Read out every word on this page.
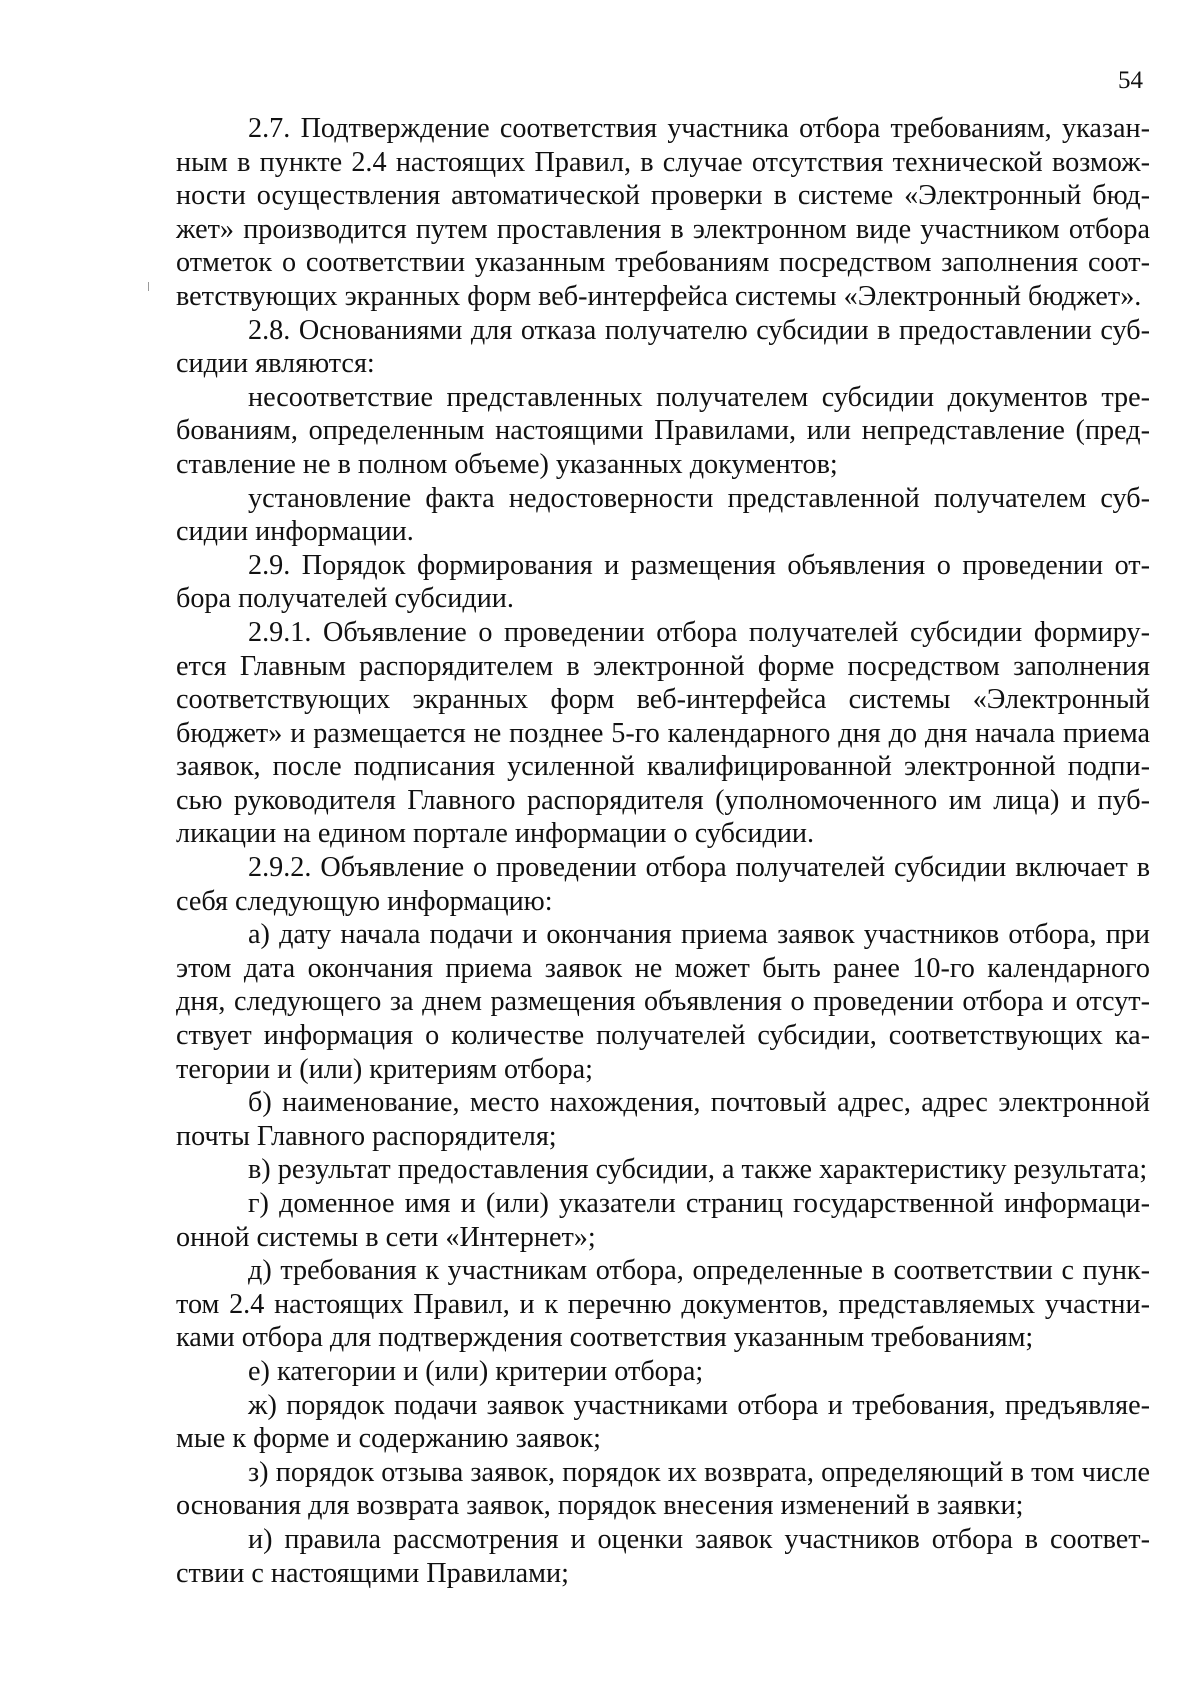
54

2.7. Подтверждение соответствия участника отбора требованиям, указанным в пункте 2.4 настоящих Правил, в случае отсутствия технической возможности осуществления автоматической проверки в системе «Электронный бюджет» производится путем проставления в электронном виде участником отбора отметок о соответствии указанным требованиям посредством заполнения соответствующих экранных форм веб-интерфейса системы «Электронный бюджет».

2.8. Основаниями для отказа получателю субсидии в предоставлении субсидии являются:

несоответствие представленных получателем субсидии документов требованиям, определенным настоящими Правилами, или непредставление (представление не в полном объеме) указанных документов;

установление факта недостоверности представленной получателем субсидии информации.

2.9. Порядок формирования и размещения объявления о проведении отбора получателей субсидии.

2.9.1. Объявление о проведении отбора получателей субсидии формируется Главным распорядителем в электронной форме посредством заполнения соответствующих экранных форм веб-интерфейса системы «Электронный бюджет» и размещается не позднее 5-го календарного дня до дня начала приема заявок, после подписания усиленной квалифицированной электронной подписью руководителя Главного распорядителя (уполномоченного им лица) и публикации на едином портале информации о субсидии.

2.9.2. Объявление о проведении отбора получателей субсидии включает в себя следующую информацию:

а) дату начала подачи и окончания приема заявок участников отбора, при этом дата окончания приема заявок не может быть ранее 10-го календарного дня, следующего за днем размещения объявления о проведении отбора и отсутствует информация о количестве получателей субсидии, соответствующих категории и (или) критериям отбора;

б) наименование, место нахождения, почтовый адрес, адрес электронной почты Главного распорядителя;

в) результат предоставления субсидии, а также характеристику результата;

г) доменное имя и (или) указатели страниц государственной информационной системы в сети «Интернет»;

д) требования к участникам отбора, определенные в соответствии с пунктом 2.4 настоящих Правил, и к перечню документов, представляемых участниками отбора для подтверждения соответствия указанным требованиям;

е) категории и (или) критерии отбора;

ж) порядок подачи заявок участниками отбора и требования, предъявляемые к форме и содержанию заявок;

з) порядок отзыва заявок, порядок их возврата, определяющий в том числе основания для возврата заявок, порядок внесения изменений в заявки;

и) правила рассмотрения и оценки заявок участников отбора в соответствии с настоящими Правилами;
